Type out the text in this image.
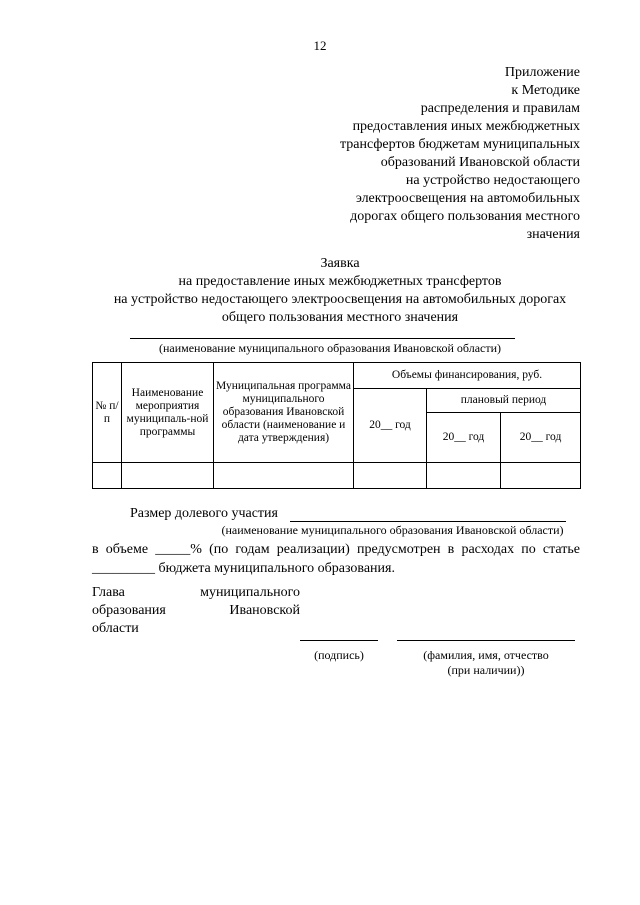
12
Приложение
к Методике
распределения и правилам
предоставления иных межбюджетных
трансфертов бюджетам муниципальных
образований Ивановской области
на устройство недостающего
электроосвещения на автомобильных
дорогах общего пользования местного
значения
Заявка
на предоставление иных межбюджетных трансфертов
на устройство недостающего электроосвещения на автомобильных дорогах
общего пользования местного значения
(наименование муниципального образования Ивановской области)
№ п/п	Наименование мероприятия муниципаль-ной программы	Муниципальная программа муниципального образования Ивановской области (наименование и дата утверждения)	Объемы финансирования, руб.		
			20__ год	плановый период	
				20__ год	20__ год

Размер долевого участия
(наименование муниципального образования Ивановской области)
в объеме _____% (по годам реализации) предусмотрен в расходах по статье _________ бюджета муниципального образования.
Глава
образования
области
муниципального
Ивановской
(подпись)	(фамилия, имя, отчество
(при наличии))
